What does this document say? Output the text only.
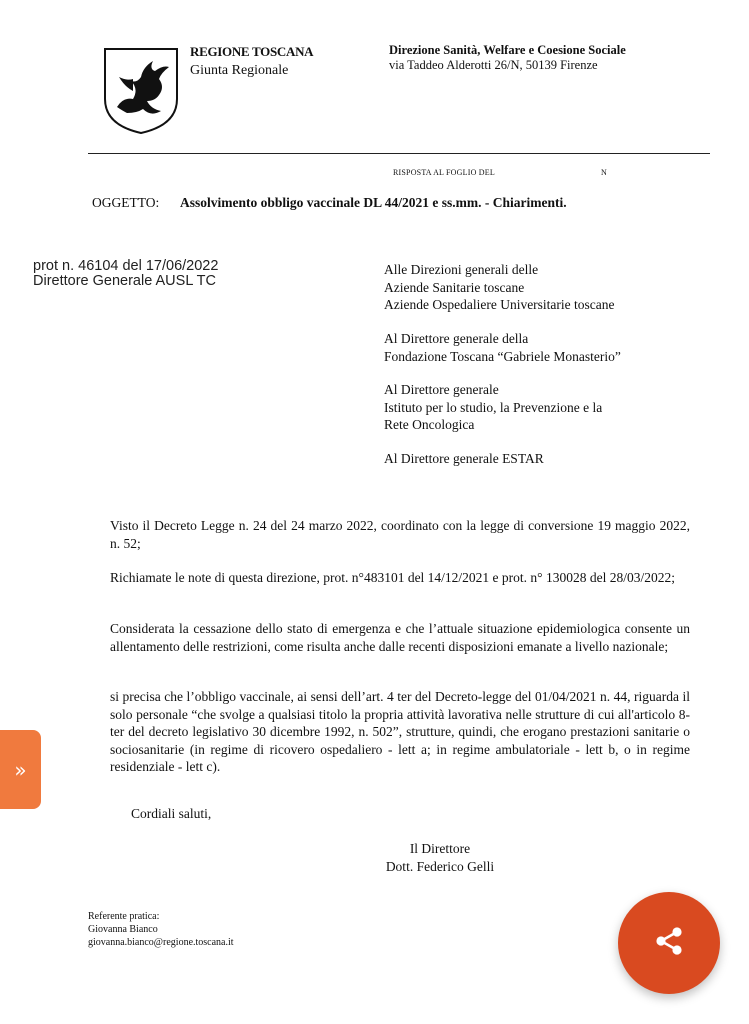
REGIONE TOSCANA
Giunta Regionale
Direzione Sanità, Welfare e Coesione Sociale
via Taddeo Alderotti 26/N, 50139 Firenze
RISPOSTA AL FOGLIO DEL	N
OGGETTO: Assolvimento obbligo vaccinale DL 44/2021 e ss.mm. - Chiarimenti.
prot n. 46104 del 17/06/2022
Direttore Generale AUSL TC
Alle Direzioni generali delle
Aziende Sanitarie toscane
Aziende Ospedaliere Universitarie toscane
Al Direttore generale della
Fondazione Toscana “Gabriele Monasterio”
Al Direttore generale
Istituto per lo studio, la Prevenzione e la
Rete Oncologica
Al Direttore generale ESTAR
Visto il Decreto Legge n. 24 del 24 marzo 2022, coordinato con la legge di conversione 19 maggio 2022, n. 52;
Richiamate le note di questa direzione, prot. n°483101 del 14/12/2021 e prot. n° 130028 del 28/03/2022;
Considerata la cessazione dello stato di emergenza e che l’attuale situazione epidemiologica consente un allentamento delle restrizioni, come risulta anche dalle recenti disposizioni emanate a livello nazionale;
si precisa che l’obbligo vaccinale, ai sensi dell’art. 4 ter del Decreto-legge del 01/04/2021 n. 44, riguarda il solo personale “che svolge a qualsiasi titolo la propria attività lavorativa nelle strutture di cui all'articolo 8-ter del decreto legislativo 30 dicembre 1992, n. 502”, strutture, quindi, che erogano prestazioni sanitarie o sociosanitarie (in regime di ricovero ospedaliero - lett a; in regime ambulatoriale - lett b, o in regime residenziale - lett c).
Cordiali saluti,
Il Direttore
Dott. Federico Gelli
Referente pratica:
Giovanna Bianco
giovanna.bianco@regione.toscana.it
»
